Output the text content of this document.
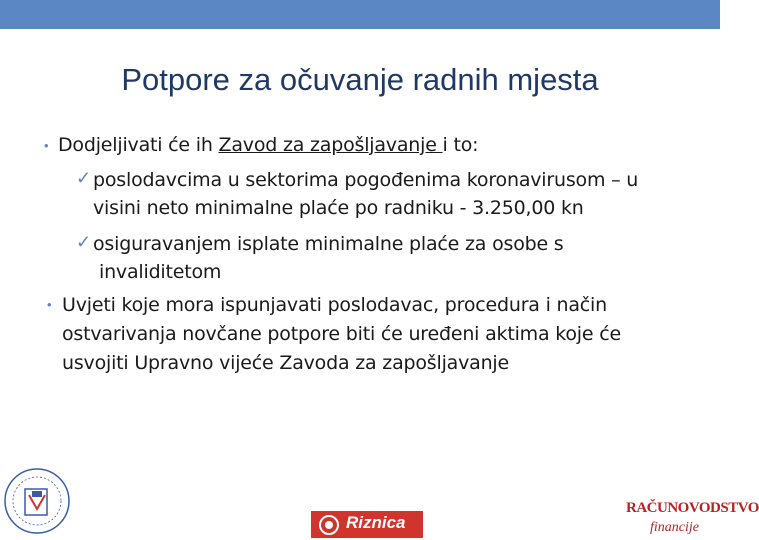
Potpore za očuvanje radnih mjesta
• Dodjeljivati će ih Zavod za zapošljavanje i to:
✓ poslodavcima u sektorima pogođenima koronavirusom – u
visini neto minimalne plaće po radniku - 3.250,00 kn
✓ osiguravanjem isplate minimalne plaće za osobe s
invaliditetom
• Uvjeti koje mora ispunjavati poslodavac, procedura i način
ostvarivanja novčane potpore biti će uređeni aktima koje će
usvojiti Upravno vijeće Zavoda za zapošljavanje
Riznica
RAČUNOVODSTVO
financije
